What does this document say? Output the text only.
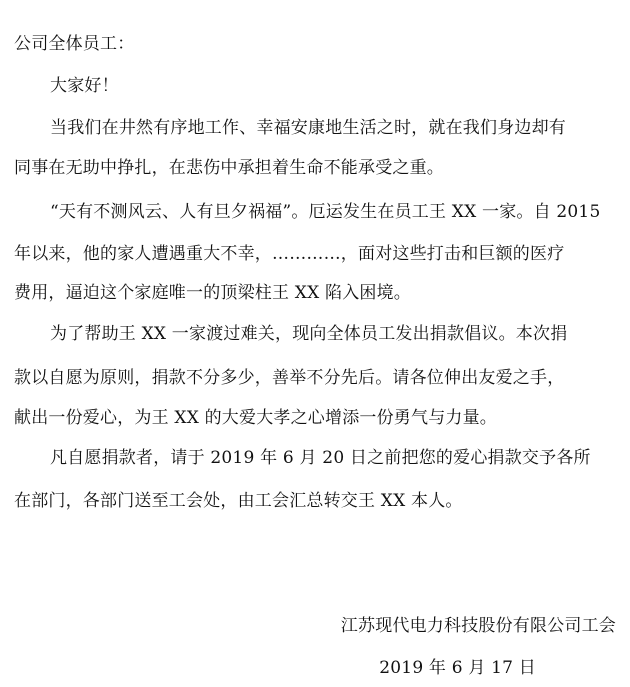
公司全体员工：
大家好！
当我们在井然有序地工作、幸福安康地生活之时，就在我们身边却有
同事在无助中挣扎，在悲伤中承担着生命不能承受之重。
“天有不测风云、人有旦夕祸福”。厄运发生在员工王 XX 一家。自 2015
年以来，他的家人遭遇重大不幸，…………，面对这些打击和巨额的医疗
费用，逼迫这个家庭唯一的顶梁柱王 XX 陷入困境。
为了帮助王 XX 一家渡过难关，现向全体员工发出捐款倡议。本次捐
款以自愿为原则，捐款不分多少，善举不分先后。请各位伸出友爱之手，
献出一份爱心，为王 XX 的大爱大孝之心增添一份勇气与力量。
凡自愿捐款者，请于 2019 年 6 月 20 日之前把您的爱心捐款交予各所
在部门，各部门送至工会处，由工会汇总转交王 XX 本人。
江苏现代电力科技股份有限公司工会
2019 年 6 月 17 日
